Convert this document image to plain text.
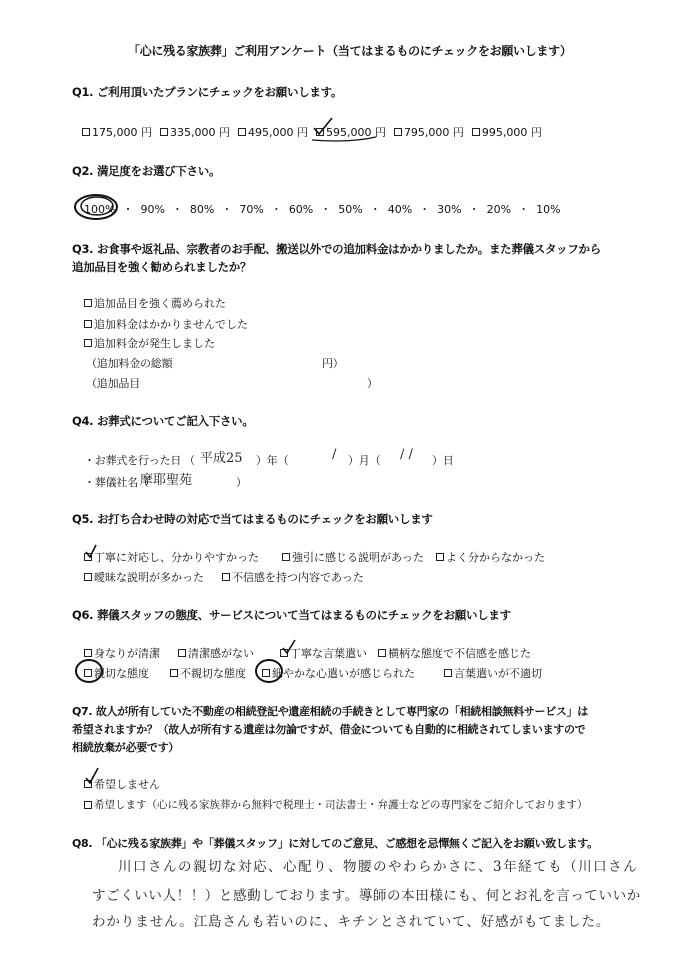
「心に残る家族葬」ご利用アンケート（当てはまるものにチェックをお願いします）
Q1. ご利用頂いたプランにチェックをお願いします。
175,000 円 335,000 円 495,000 円 595,000 円 795,000 円 995,000 円
Q2. 満足度をお選び下さい。
100% ・ 90% ・ 80% ・ 70% ・ 60% ・ 50% ・ 40% ・ 30% ・ 20% ・ 10%
Q3. お食事や返礼品、宗教者のお手配、搬送以外での追加料金はかかりましたか。また葬儀スタッフから
追加品目を強く勧められましたか？
追加品目を強く薦められた
追加料金はかかりませんでした
追加料金が発生しました
（追加料金の総額	円）
（追加品目	）
Q4. お葬式についてご記入下さい。
・お葬式を行った日 （ 平成25 ）年（	/ ）月（ / / ）日
・葬儀社名（
摩耶聖苑	）
Q5. お打ち合わせ時の対応で当てはまるものにチェックをお願いします
丁寧に対応し、分かりやすかった	強引に感じる説明があった よく分からなかった
曖昧な説明が多かった	不信感を持つ内容であった
Q6. 葬儀スタッフの態度、サービスについて当てはまるものにチェックをお願いします
身なりが清潔	清潔感がない	丁寧な言葉遣い 横柄な態度で不信感を感じた
親切な態度	不親切な態度 細やかな心遣いが感じられた	言葉遣いが不適切
Q7. 故人が所有していた不動産の相続登記や遺産相続の手続きとして専門家の「相続相談無料サービス」は
希望されますか？（故人が所有する遺産は勿論ですが、借金についても自動的に相続されてしまいますので
相続放棄が必要です）
希望しません
希望します（心に残る家族葬から無料で税理士・司法書士・弁護士などの専門家をご紹介しております）
Q8. 「心に残る家族葬」や「葬儀スタッフ」に対してのご意見、ご感想を忌憚無くご記入をお願い致します。
川口さんの親切な対応、心配り、物腰のやわらかさに、3年経ても（川口さん
すごくいい人！！）と感動しております。導師の本田様にも、何とお礼を言っていいか
わかりません。江島さんも若いのに、キチンとされていて、好感がもてました。
